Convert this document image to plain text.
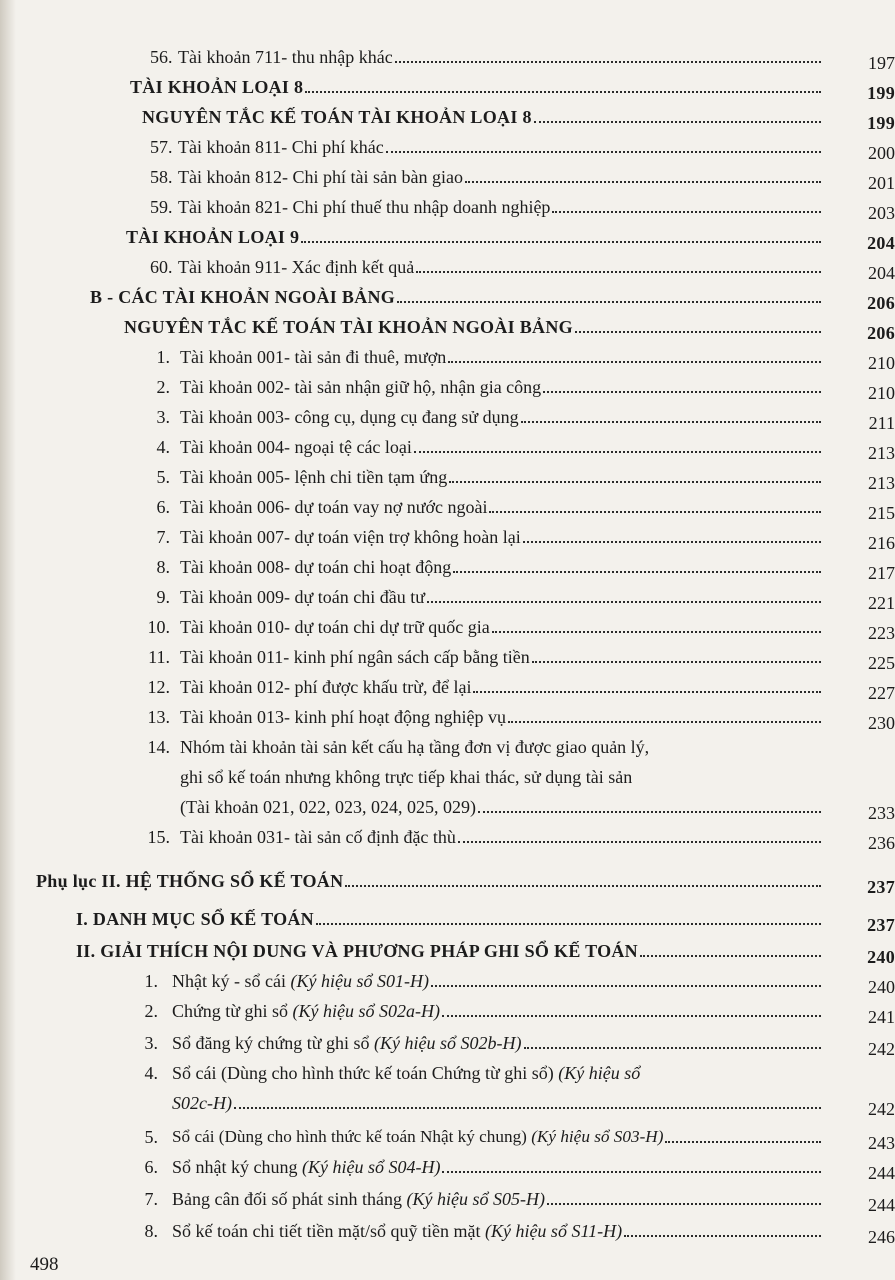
56. Tài khoản 711- thu nhập khác	197
TÀI KHOẢN LOẠI 8	199
NGUYÊN TẮC KẾ TOÁN TÀI KHOẢN LOẠI 8	199
57. Tài khoản 811- Chi phí khác	200
58. Tài khoản 812- Chi phí tài sản bàn giao	201
59. Tài khoản 821- Chi phí thuế thu nhập doanh nghiệp	203
TÀI KHOẢN LOẠI 9	204
60. Tài khoản 911- Xác định kết quả	204
B - CÁC TÀI KHOẢN NGOÀI BẢNG	206
NGUYÊN TẮC KẾ TOÁN TÀI KHOẢN NGOÀI BẢNG	206
1. Tài khoản 001- tài sản đi thuê, mượn	210
2. Tài khoản 002- tài sản nhận giữ hộ, nhận gia công	210
3. Tài khoản 003- công cụ, dụng cụ đang sử dụng	211
4. Tài khoản 004- ngoại tệ các loại	213
5. Tài khoản 005- lệnh chi tiền tạm ứng	213
6. Tài khoản 006- dự toán vay nợ nước ngoài	215
7. Tài khoản 007- dự toán viện trợ không hoàn lại	216
8. Tài khoản 008- dự toán chi hoạt động	217
9. Tài khoản 009- dự toán chi đầu tư	221
10. Tài khoản 010- dự toán chi dự trữ quốc gia	223
11. Tài khoản 011- kinh phí ngân sách cấp bằng tiền	225
12. Tài khoản 012- phí được khấu trừ, để lại	227
13. Tài khoản 013- kinh phí hoạt động nghiệp vụ	230
14. Nhóm tài khoản tài sản kết cấu hạ tầng đơn vị được giao quản lý,
ghi sổ kế toán nhưng không trực tiếp khai thác, sử dụng tài sản
(Tài khoản 021, 022, 023, 024, 025, 029)	233
15. Tài khoản 031- tài sản cố định đặc thù	236
Phụ lục II. HỆ THỐNG SỔ KẾ TOÁN	237
I. DANH MỤC SỔ KẾ TOÁN	237
II. GIẢI THÍCH NỘI DUNG VÀ PHƯƠNG PHÁP GHI SỔ KẾ TOÁN	240
1. Nhật ký - sổ cái (Ký hiệu sổ S01-H)	240
2. Chứng từ ghi sổ (Ký hiệu sổ S02a-H)	241
3. Sổ đăng ký chứng từ ghi sổ (Ký hiệu sổ S02b-H)	242
4. Sổ cái (Dùng cho hình thức kế toán Chứng từ ghi sổ) (Ký hiệu sổ
S02c-H)	242
5. Sổ cái (Dùng cho hình thức kế toán Nhật ký chung) (Ký hiệu sổ S03-H)	243
6. Sổ nhật ký chung (Ký hiệu sổ S04-H)	244
7. Bảng cân đối số phát sinh tháng (Ký hiệu sổ S05-H)	244
8. Sổ kế toán chi tiết tiền mặt/sổ quỹ tiền mặt (Ký hiệu sổ S11-H)	246
498
